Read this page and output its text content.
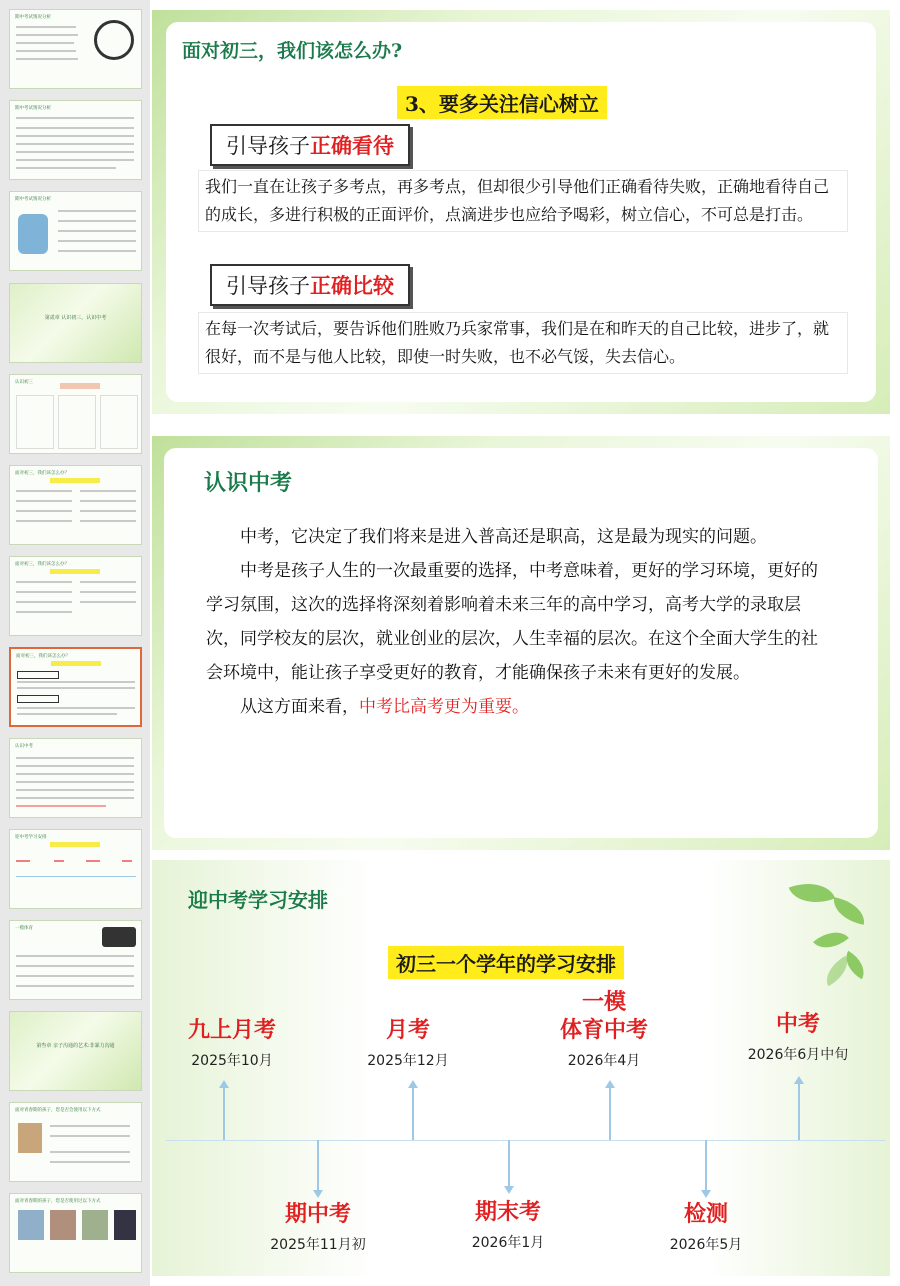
期中考试情况分析
期中考试情况分析
期中考试情况分析
第贰章 认识初三，认识中考
认识初三
面对初三，我们该怎么办？
面对初三，我们该怎么办？
面对初三，我们该怎么办？
认识中考
迎中考学习安排
一模体育
第叁章 亲子沟通的艺术:非暴力沟通
面对青春期的孩子，您是否会使用以下方式
面对青春期的孩子，您是否使用过以下方式
面对初三，我们该怎么办?
3、要多关注信心树立
引导孩子正确看待
我们一直在让孩子多考点，再多考点，但却很少引导他们正确看待失败，正确地看待自己的成长，多进行积极的正面评价，点滴进步也应给予喝彩，树立信心，不可总是打击。
引导孩子正确比较
在每一次考试后，要告诉他们胜败乃兵家常事，我们是在和昨天的自己比较，进步了，就很好，而不是与他人比较，即使一时失败，也不必气馁，失去信心。
认识中考

中考，它决定了我们将来是进入普高还是职高，这是最为现实的问题。

中考是孩子人生的一次最重要的选择，中考意味着，更好的学习环境，更好的学习氛围，这次的选择将深刻着影响着未来三年的高中学习，高考大学的录取层次，同学校友的层次，就业创业的层次，人生幸福的层次。在这个全面大学生的社会环境中，能让孩子享受更好的教育，才能确保孩子未来有更好的发展。

从这方面来看，中考比高考更为重要。

迎中考学习安排
初三一个学年的学习安排
九上月考
2025年10月
月考
2025年12月
一模
体育中考
2026年4月
中考
2026年6月中旬
期中考
2025年11月初
期末考
2026年1月
检测
2026年5月
